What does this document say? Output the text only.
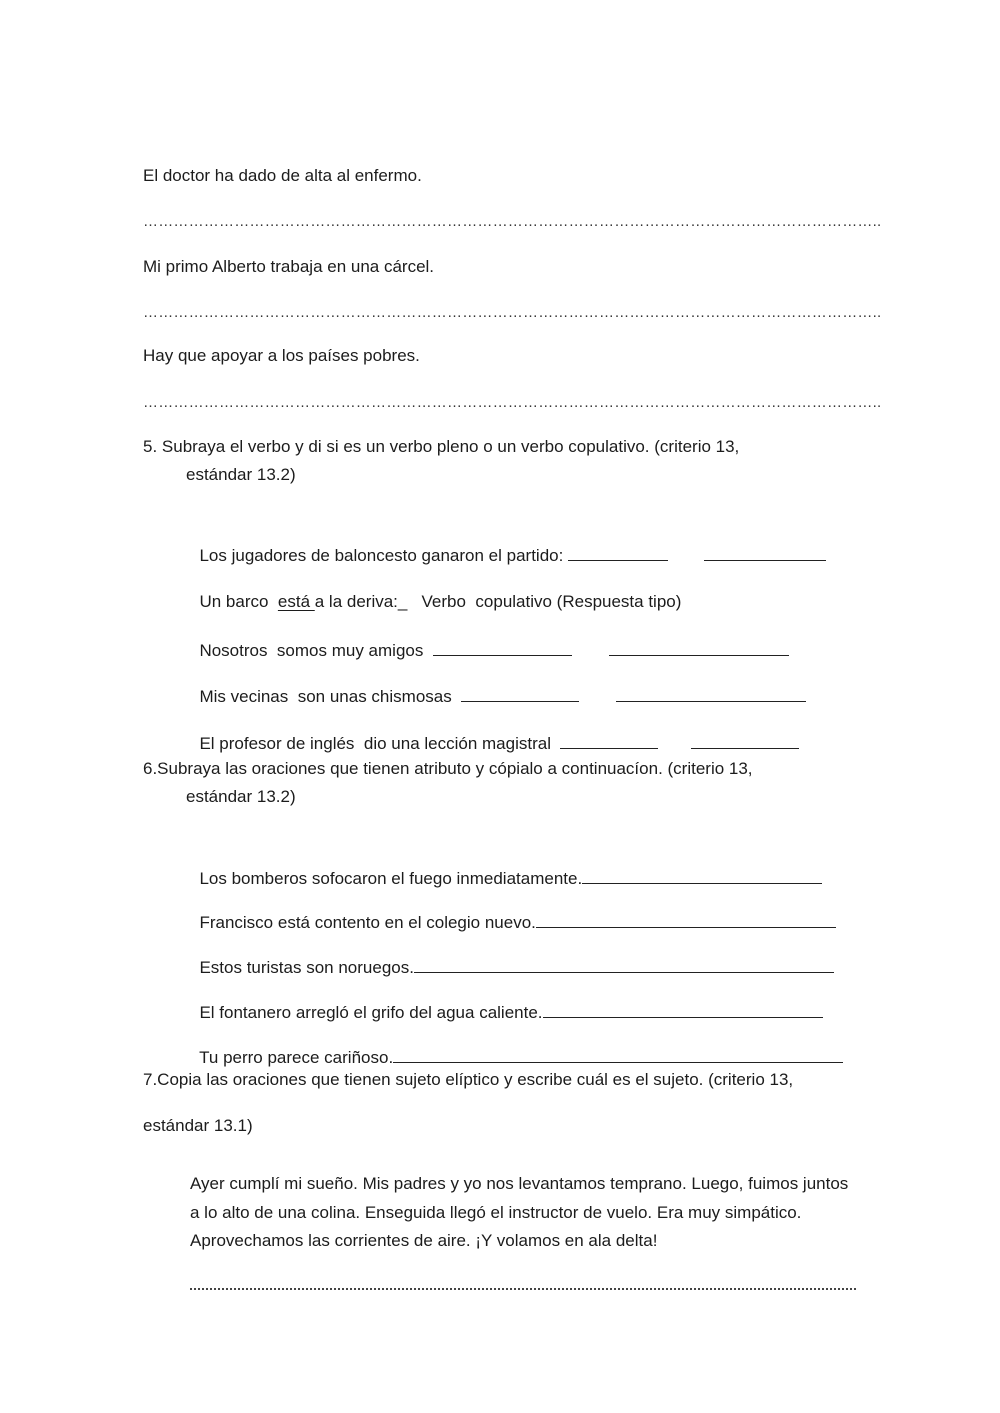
El doctor ha dado de alta al enfermo.
………………………………………………………………………………………………………………………………..
Mi primo Alberto trabaja en una cárcel.
………………………………………………………………………………………………………………………………..
Hay que apoyar a los países pobres.
………………………………………………………………………………………………………………………………..
5. Subraya el verbo y di si es un verbo pleno o un verbo copulativo. (criterio 13,
estándar 13.2)

Los jugadores de baloncesto ganaron el partido:

Un barco  está a la deriva:_   Verbo  copulativo (Respuesta tipo)

Nosotros  somos muy amigos

Mis vecinas  son unas chismosas

El profesor de inglés  dio una lección magistral

6.Subraya las oraciones que tienen atributo y cópialo a continuacíon. (criterio 13,
estándar 13.2)

Los bomberos sofocaron el fuego inmediatamente.

Francisco está contento en el colegio nuevo.

Estos turistas son noruegos.

El fontanero arregló el grifo del agua caliente.

Tu perro parece cariñoso.

7.Copia las oraciones que tienen sujeto elíptico y escribe cuál es el sujeto. (criterio 13,
estándar 13.1)
Ayer cumplí mi sueño. Mis padres y yo nos levantamos temprano. Luego, fuimos juntos a lo alto de una colina. Enseguida llegó el instructor de vuelo. Era muy simpático. Aprovechamos las corrientes de aire. ¡Y volamos en ala delta!
